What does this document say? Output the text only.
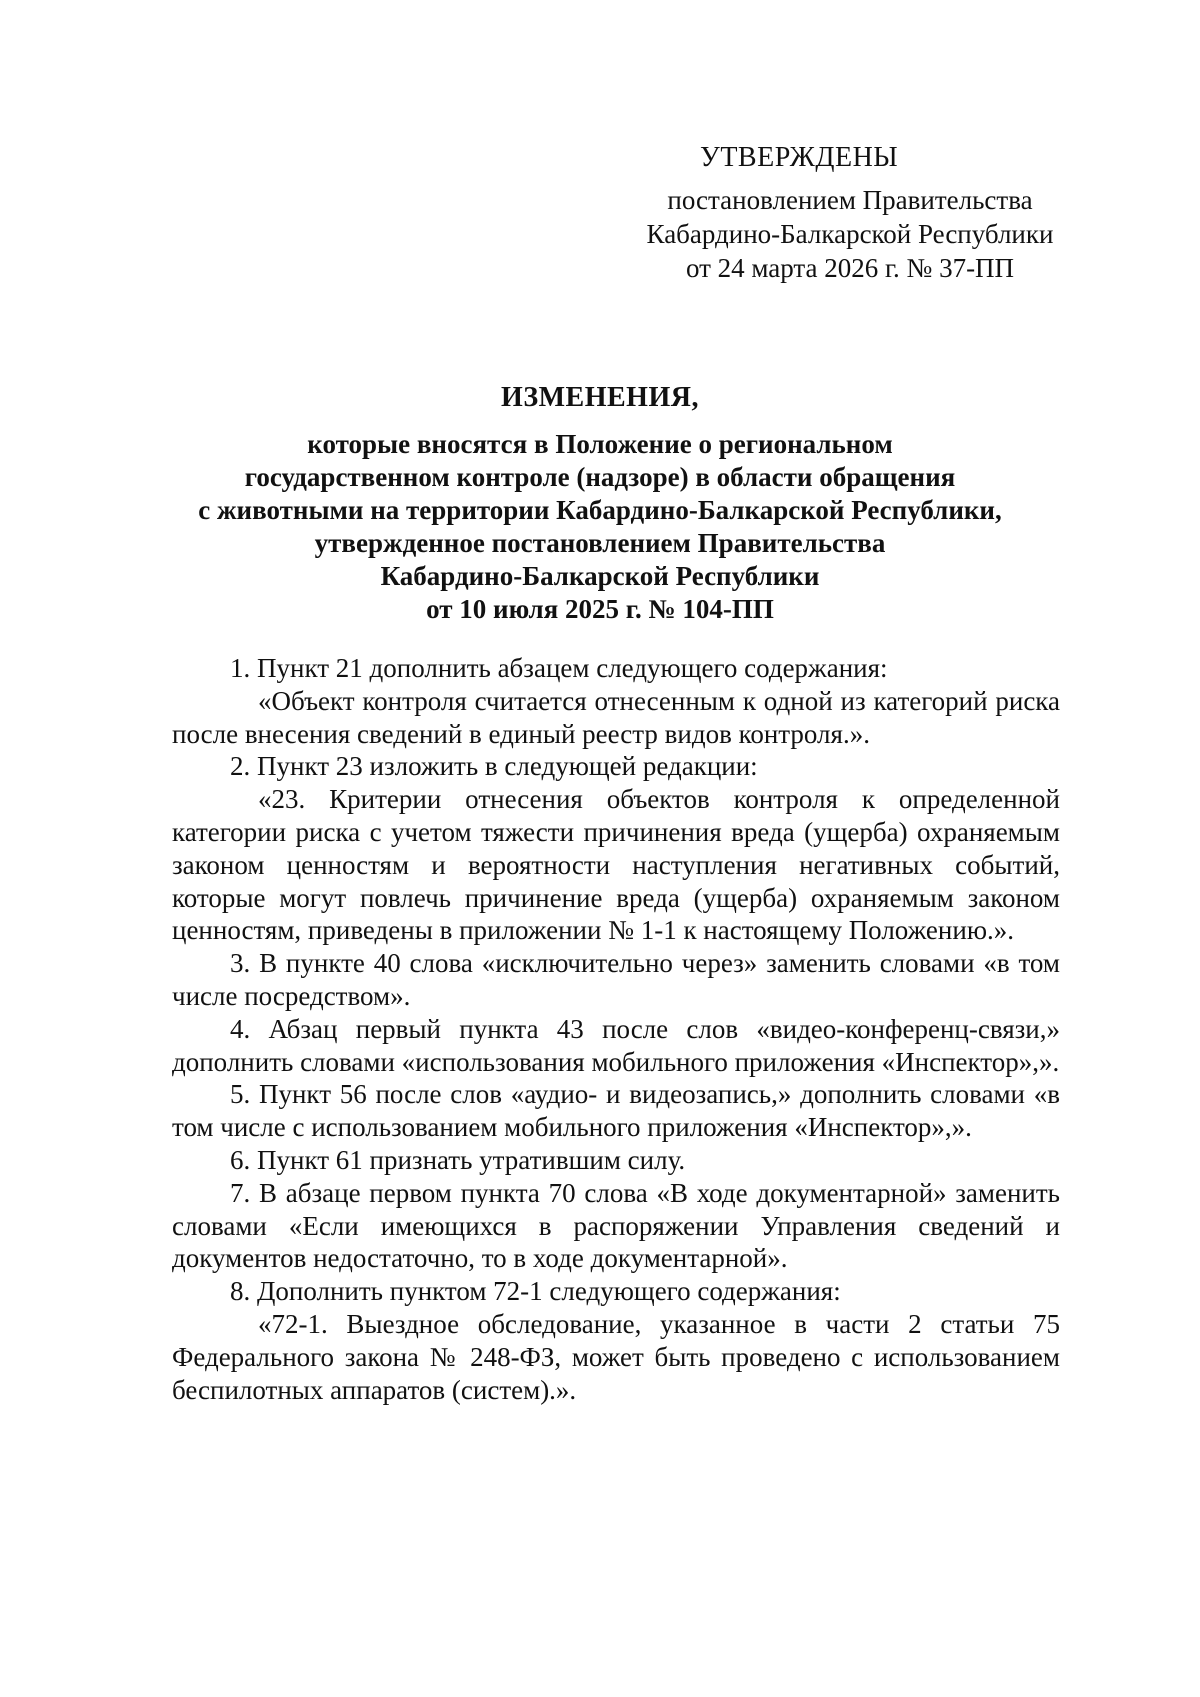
УТВЕРЖДЕНЫ
постановлением Правительства
Кабардино-Балкарской Республики
от 24 марта 2026 г. № 37-ПП
ИЗМЕНЕНИЯ,
которые вносятся в Положение о региональном
государственном контроле (надзоре) в области обращения
с животными на территории Кабардино-Балкарской Республики,
утвержденное постановлением Правительства
Кабардино-Балкарской Республики
от 10 июля 2025 г. № 104-ПП

1. Пункт 21 дополнить абзацем следующего содержания:

«Объект контроля считается отнесенным к одной из категорий риска после внесения сведений в единый реестр видов контроля.».

2. Пункт 23 изложить в следующей редакции:

«23. Критерии отнесения объектов контроля к определенной категории риска с учетом тяжести причинения вреда (ущерба) охраняемым законом ценностям и вероятности наступления негативных событий, которые могут повлечь причинение вреда (ущерба) охраняемым законом ценностям, приведены в приложении № 1-1 к настоящему Положению.».

3. В пункте 40 слова «исключительно через» заменить словами «в том числе посредством».

4. Абзац первый пункта 43 после слов «видео-конференц-связи,» дополнить словами «использования мобильного приложения «Инспектор»,».

5. Пункт 56 после слов «аудио- и видеозапись,» дополнить словами «в том числе с использованием мобильного приложения «Инспектор»,».

6. Пункт 61 признать утратившим силу.

7. В абзаце первом пункта 70 слова «В ходе документарной» заменить словами «Если имеющихся в распоряжении Управления сведений и документов недостаточно, то в ходе документарной».

8. Дополнить пунктом 72-1 следующего содержания:

«72-1. Выездное обследование, указанное в части 2 статьи 75 Федерального закона № 248-ФЗ, может быть проведено с использованием беспилотных аппаратов (систем).».
